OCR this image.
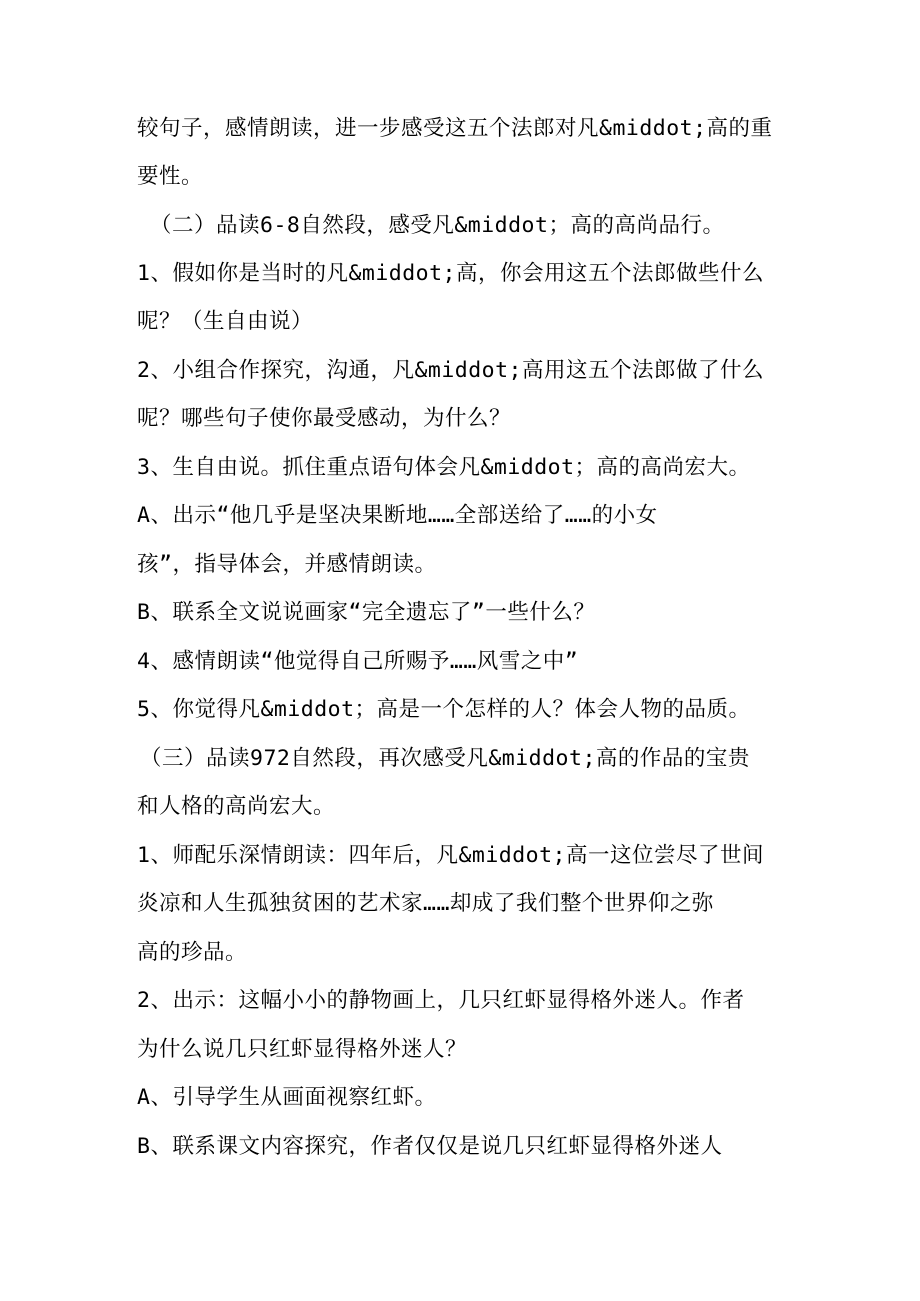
较句子，感情朗读，进一步感受这五个法郎对凡&middot;高的重
要性。
（二）品读6-8自然段，感受凡&middot；高的高尚品行。
1、假如你是当时的凡&middot;高，你会用这五个法郎做些什么
呢？（生自由说）
2、小组合作探究，沟通，凡&middot;高用这五个法郎做了什么
呢？哪些句子使你最受感动，为什么？
3、生自由说。抓住重点语句体会凡&middot；高的高尚宏大。
A、出示“他几乎是坚决果断地……全部送给了……的小女
孩”，指导体会，并感情朗读。
B、联系全文说说画家“完全遗忘了”一些什么？
4、感情朗读“他觉得自己所赐予……风雪之中”
5、你觉得凡&middot；高是一个怎样的人？体会人物的品质。
（三）品读972自然段，再次感受凡&middot;高的作品的宝贵
和人格的高尚宏大。
1、师配乐深情朗读：四年后，凡&middot;高一这位尝尽了世间
炎凉和人生孤独贫困的艺术家……却成了我们整个世界仰之弥
高的珍品。
2、出示：这幅小小的静物画上，几只红虾显得格外迷人。作者
为什么说几只红虾显得格外迷人？
A、引导学生从画面视察红虾。
B、联系课文内容探究，作者仅仅是说几只红虾显得格外迷人
